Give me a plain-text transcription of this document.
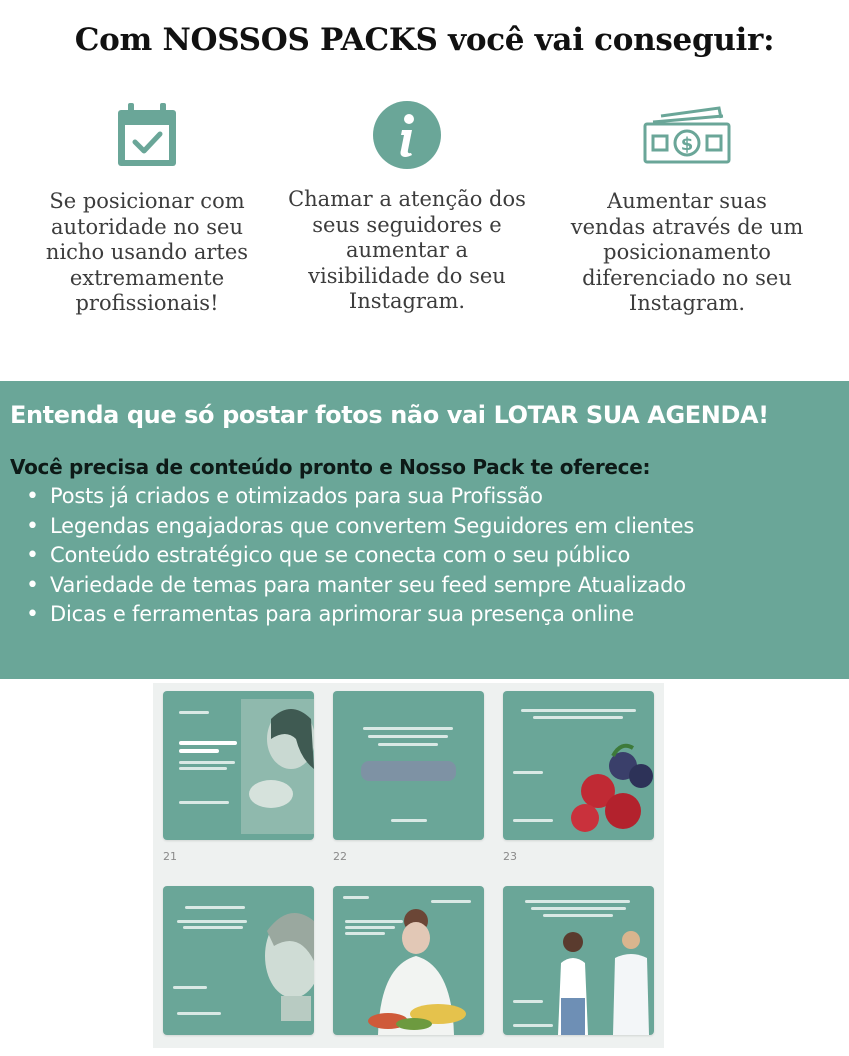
Com NOSSOS PACKS você vai conseguir:
Se posicionar com
autoridade no seu
nicho usando artes
extremamente
profissionais!
Chamar a atenção dos
seus seguidores e
aumentar a
visibilidade do seu
Instagram.
$
Aumentar suas
vendas através de um
posicionamento
diferenciado no seu
Instagram.
Entenda que só postar fotos não vai LOTAR SUA AGENDA!
Você precisa de conteúdo pronto e Nosso Pack te oferece:
• Posts já criados e otimizados para sua Profissão
• Legendas engajadoras que convertem Seguidores em clientes
• Conteúdo estratégico que se conecta com o seu público
• Variedade de temas para manter seu feed sempre Atualizado
• Dicas e ferramentas para aprimorar sua presença online
21	22	23
